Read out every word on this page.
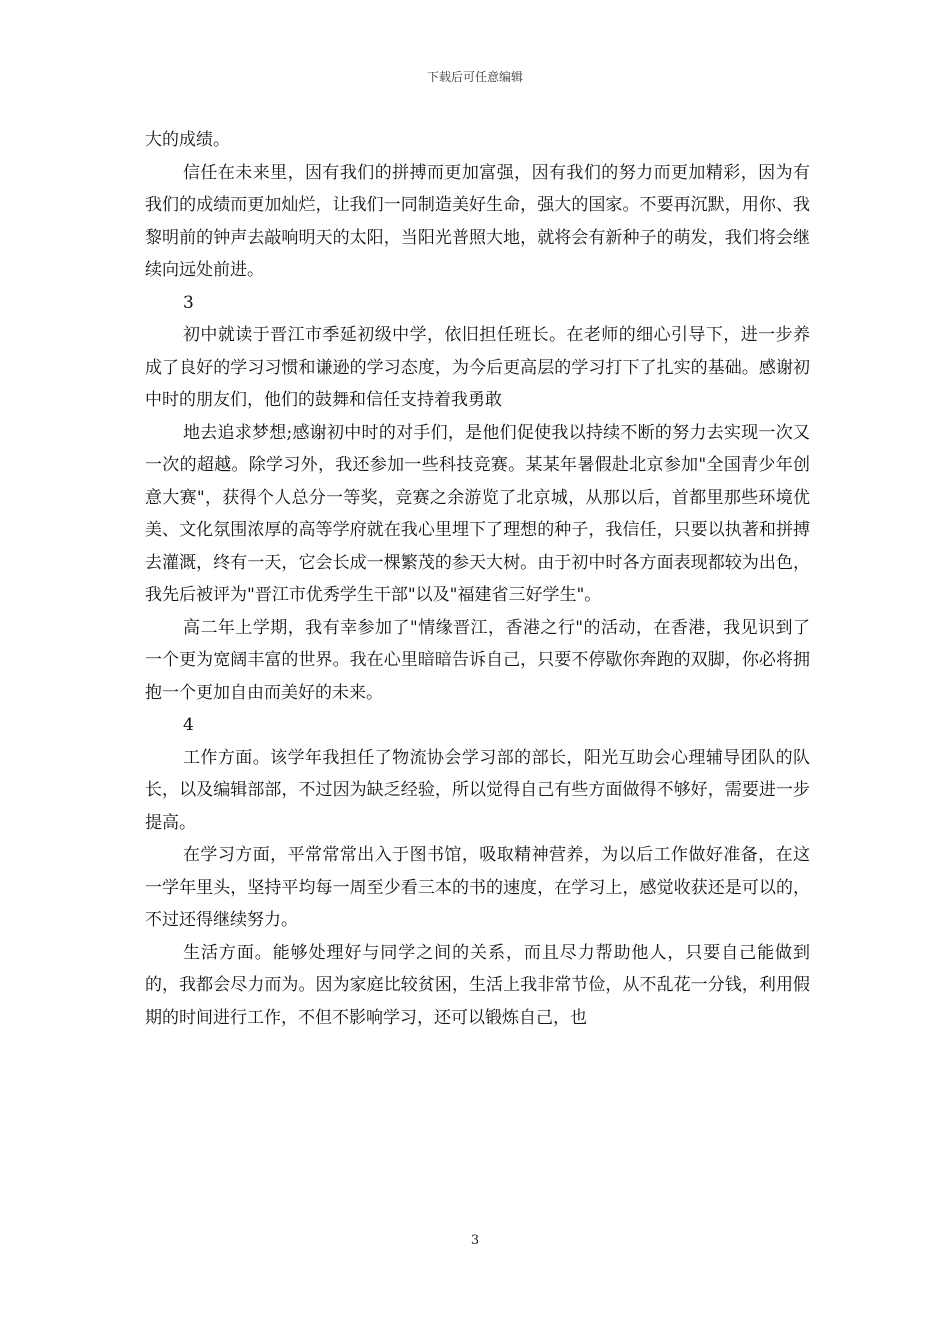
下载后可任意编辑

大的成绩。

信任在未来里，因有我们的拼搏而更加富强，因有我们的努力而更加精彩，因为有我们的成绩而更加灿烂，让我们一同制造美好生命，强大的国家。不要再沉默，用你、我黎明前的钟声去敲响明天的太阳，当阳光普照大地，就将会有新种子的萌发，我们将会继续向远处前进。

3

初中就读于晋江市季延初级中学，依旧担任班长。在老师的细心引导下，进一步养成了良好的学习习惯和谦逊的学习态度，为今后更高层的学习打下了扎实的基础。感谢初中时的朋友们，他们的鼓舞和信任支持着我勇敢

地去追求梦想;感谢初中时的对手们，是他们促使我以持续不断的努力去实现一次又一次的超越。除学习外，我还参加一些科技竞赛。某某年暑假赴北京参加"全国青少年创意大赛"，获得个人总分一等奖，竞赛之余游览了北京城，从那以后，首都里那些环境优美、文化氛围浓厚的高等学府就在我心里埋下了理想的种子，我信任，只要以执著和拼搏去灌溉，终有一天，它会长成一棵繁茂的参天大树。由于初中时各方面表现都较为出色，我先后被评为"晋江市优秀学生干部"以及"福建省三好学生"。

高二年上学期，我有幸参加了"情缘晋江，香港之行"的活动，在香港，我见识到了一个更为宽阔丰富的世界。我在心里暗暗告诉自己，只要不停歇你奔跑的双脚，你必将拥抱一个更加自由而美好的未来。

4

工作方面。该学年我担任了物流协会学习部的部长，阳光互助会心理辅导团队的队长，以及编辑部部，不过因为缺乏经验，所以觉得自己有些方面做得不够好，需要进一步提高。

在学习方面，平常常常出入于图书馆，吸取精神营养，为以后工作做好准备，在这一学年里头，坚持平均每一周至少看三本的书的速度，在学习上，感觉收获还是可以的，不过还得继续努力。

生活方面。能够处理好与同学之间的关系，而且尽力帮助他人，只要自己能做到的，我都会尽力而为。因为家庭比较贫困，生活上我非常节俭，从不乱花一分钱，利用假期的时间进行工作，不但不影响学习，还可以锻炼自己，也

3
